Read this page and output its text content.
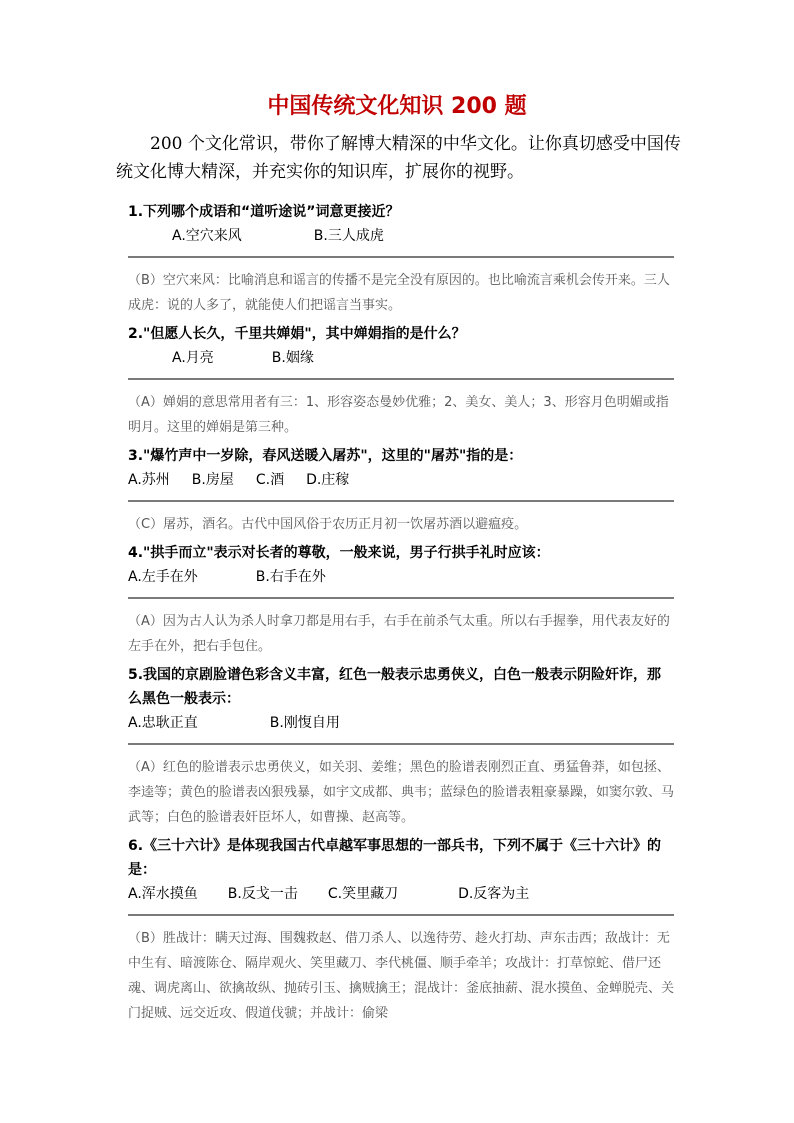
中国传统文化知识 200 题

200 个文化常识，带你了解博大精深的中华文化。让你真切感受中国传统文化博大精深，并充实你的知识库，扩展你的视野。

1.下列哪个成语和“道听途说”词意更接近？

A.空穴来风	B.三人成虎

（B）空穴来风：比喻消息和谣言的传播不是完全没有原因的。也比喻流言乘机会传开来。三人成虎：说的人多了，就能使人们把谣言当事实。

2."但愿人长久，千里共婵娟"，其中婵娟指的是什么？

A.月亮	B.姻缘

（A）婵娟的意思常用者有三：1、形容姿态曼妙优雅；2、美女、美人；3、形容月色明媚或指明月。这里的婵娟是第三种。

3."爆竹声中一岁除，春风送暖入屠苏"，这里的"屠苏"指的是：

A.苏州 B.房屋 C.酒 D.庄稼

（C）屠苏，酒名。古代中国风俗于农历正月初一饮屠苏酒以避瘟疫。

4."拱手而立"表示对长者的尊敬，一般来说，男子行拱手礼时应该：

A.左手在外	B.右手在外

（A）因为古人认为杀人时拿刀都是用右手，右手在前杀气太重。所以右手握拳，用代表友好的左手在外，把右手包住。

5.我国的京剧脸谱色彩含义丰富，红色一般表示忠勇侠义，白色一般表示阴险奸诈，那么黑色一般表示：

A.忠耿正直	B.刚愎自用

（A）红色的脸谱表示忠勇侠义，如关羽、姜维；黑色的脸谱表刚烈正直、勇猛鲁莽，如包拯、李逵等；黄色的脸谱表凶狠残暴，如宇文成都、典韦；蓝绿色的脸谱表粗豪暴躁，如窦尔敦、马武等；白色的脸谱表奸臣坏人，如曹操、赵高等。

6.《三十六计》是体现我国古代卓越军事思想的一部兵书，下列不属于《三十六计》的是：

A.浑水摸鱼 B.反戈一击 C.笑里藏刀	D.反客为主

（B）胜战计：瞒天过海、围魏救赵、借刀杀人、以逸待劳、趁火打劫、声东击西；敌战计：无中生有、暗渡陈仓、隔岸观火、笑里藏刀、李代桃僵、顺手牵羊；攻战计：打草惊蛇、借尸还魂、调虎离山、欲擒故纵、抛砖引玉、擒贼擒王；混战计：釜底抽薪、混水摸鱼、金蝉脱壳、关门捉贼、远交近攻、假道伐虢；并战计：偷梁
